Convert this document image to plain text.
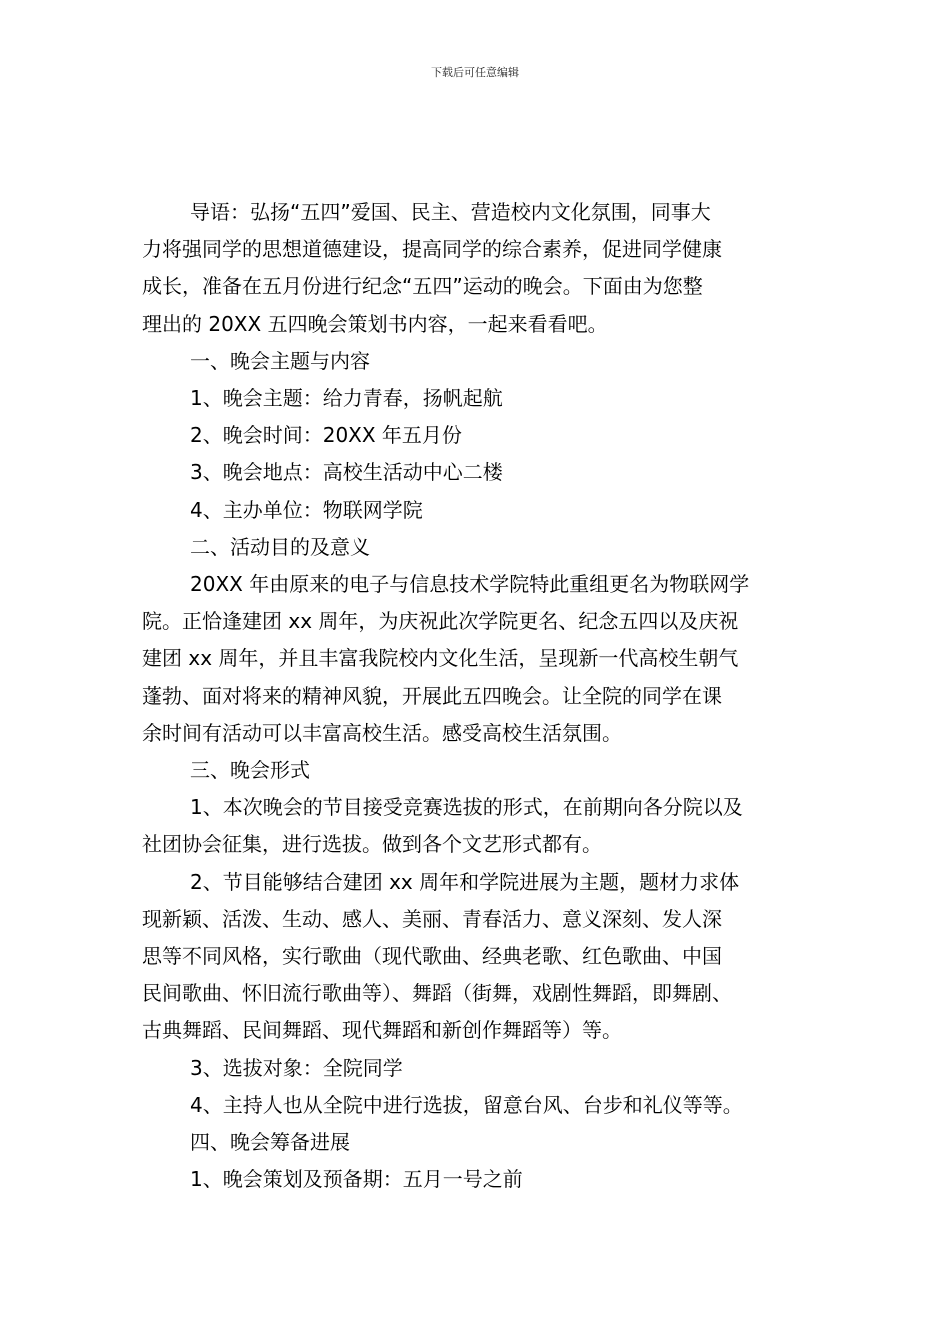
下载后可任意编辑
导语：弘扬“五四”爱国、民主、营造校内文化氛围，同事大
力将强同学的思想道德建设，提高同学的综合素养，促进同学健康
成长，准备在五月份进行纪念“五四”运动的晚会。下面由为您整
理出的 20XX 五四晚会策划书内容，一起来看看吧。

一、晚会主题与内容

1、晚会主题：给力青春，扬帆起航

2、晚会时间：20XX 年五月份

3、晚会地点：高校生活动中心二楼

4、主办单位：物联网学院

二、活动目的及意义

20XX 年由原来的电子与信息技术学院特此重组更名为物联网学
院。正恰逢建团 xx 周年，为庆祝此次学院更名、纪念五四以及庆祝
建团 xx 周年，并且丰富我院校内文化生活，呈现新一代高校生朝气
蓬勃、面对将来的精神风貌，开展此五四晚会。让全院的同学在课
余时间有活动可以丰富高校生活。感受高校生活氛围。

三、晚会形式

1、本次晚会的节目接受竞赛选拔的形式，在前期向各分院以及
社团协会征集，进行选拔。做到各个文艺形式都有。
2、节目能够结合建团 xx 周年和学院进展为主题，题材力求体
现新颖、活泼、生动、感人、美丽、青春活力、意义深刻、发人深
思等不同风格，实行歌曲（现代歌曲、经典老歌、红色歌曲、中国
民间歌曲、怀旧流行歌曲等）、舞蹈（街舞，戏剧性舞蹈，即舞剧、
古典舞蹈、民间舞蹈、现代舞蹈和新创作舞蹈等）等。

3、选拔对象：全院同学

4、主持人也从全院中进行选拔，留意台风、台步和礼仪等等。

四、晚会筹备进展

1、晚会策划及预备期：五月一号之前
